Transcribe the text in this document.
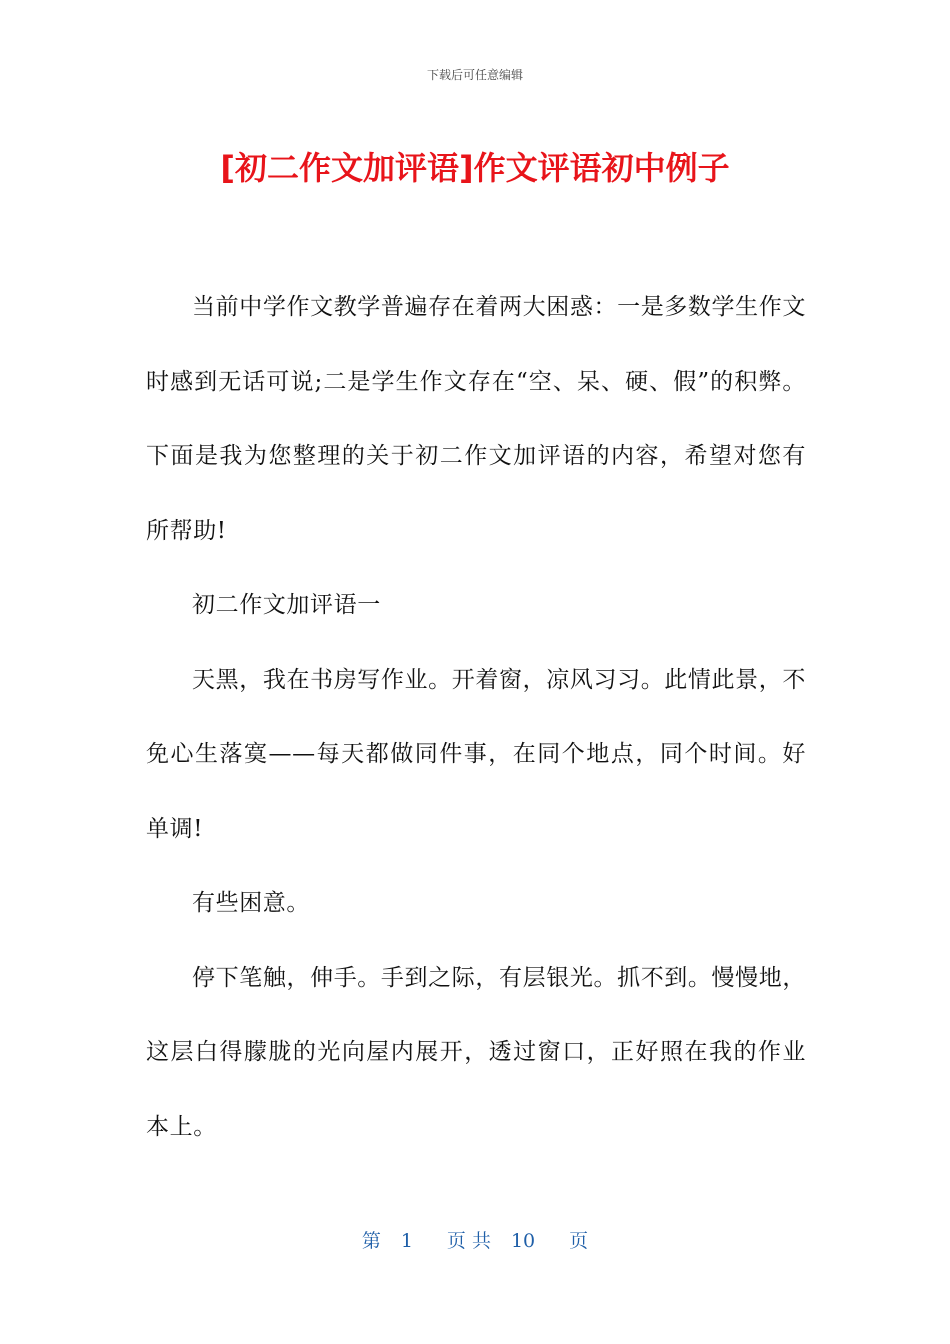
下载后可任意编辑
[初二作文加评语]作文评语初中例子

当前中学作文教学普遍存在着两大困惑：一是多数学生作文时感到无话可说;二是学生作文存在“空、呆、硬、假”的积弊。下面是我为您整理的关于初二作文加评语的内容，希望对您有所帮助!

初二作文加评语一

天黑，我在书房写作业。开着窗，凉风习习。此情此景，不免心生落寞——每天都做同件事，在同个地点，同个时间。好单调!

有些困意。

停下笔触，伸手。手到之际，有层银光。抓不到。慢慢地，这层白得朦胧的光向屋内展开，透过窗口，正好照在我的作业本上。

第 1 页 共 10 页
